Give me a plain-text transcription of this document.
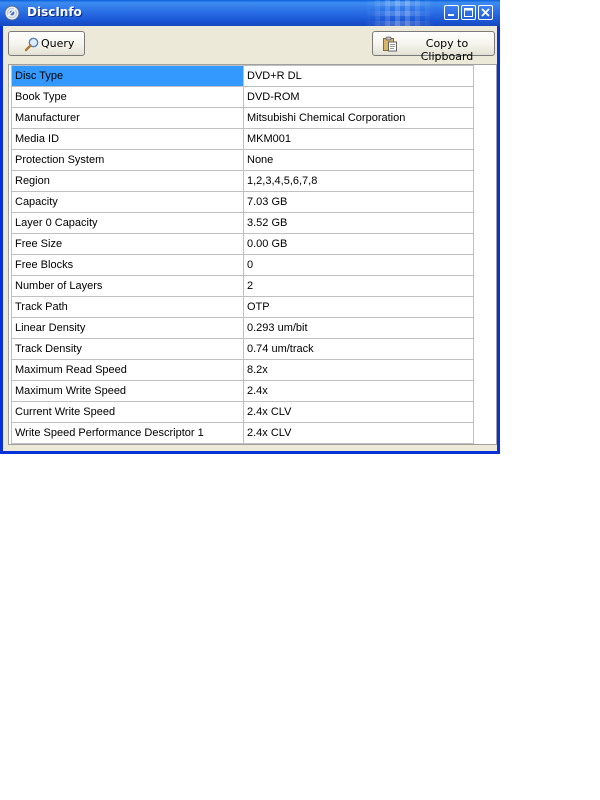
DiscInfo
Query	Copy to Clipboard
Disc Type	DVD+R DL
Book Type	DVD-ROM
Manufacturer	Mitsubishi Chemical Corporation
Media ID	MKM001
Protection System	None
Region	1,2,3,4,5,6,7,8
Capacity	7.03 GB
Layer 0 Capacity	3.52 GB
Free Size	0.00 GB
Free Blocks	0
Number of Layers	2
Track Path	OTP
Linear Density	0.293 um/bit
Track Density	0.74 um/track
Maximum Read Speed	8.2x
Maximum Write Speed	2.4x
Current Write Speed	2.4x CLV
Write Speed Performance Descriptor 1	2.4x CLV
